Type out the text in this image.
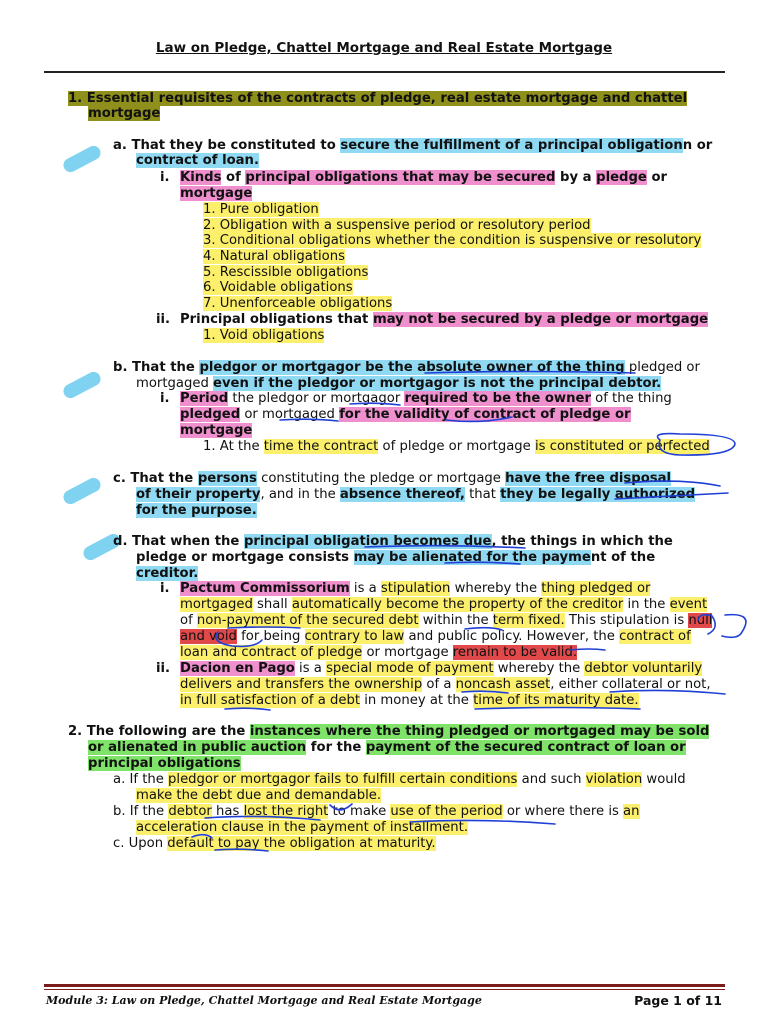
Law on Pledge, Chattel Mortgage and Real Estate Mortgage
1. Essential requisites of the contracts of pledge, real estate mortgage and chattel
mortgage
a. That they be constituted to secure the fulfillment of a principal obligationn or
contract of loan.
i. Kinds of principal obligations that may be secured by a pledge or
mortgage
1. Pure obligation
2. Obligation with a suspensive period or resolutory period
3. Conditional obligations whether the condition is suspensive or resolutory
4. Natural obligations
5. Rescissible obligations
6. Voidable obligations
7. Unenforceable obligations
ii. Principal obligations that may not be secured by a pledge or mortgage
1. Void obligations
b. That the pledgor or mortgagor be the absolute owner of the thing pledged or
mortgaged even if the pledgor or mortgagor is not the principal debtor.
i. Period the pledgor or mortgagor required to be the owner of the thing
pledged or mortgaged for the validity of contract of pledge or
mortgage
1. At the time the contract of pledge or mortgage is constituted or perfected
c. That the persons constituting the pledge or mortgage have the free disposal
of their property, and in the absence thereof, that they be legally authorized
for the purpose.
d. That when the principal obligation becomes due, the things in which the
pledge or mortgage consists may be alienated for the payment of the
creditor.
i. Pactum Commissorium is a stipulation whereby the thing pledged or
mortgaged shall automatically become the property of the creditor in the event
of non-payment of the secured debt within the term fixed. This stipulation is null
and void for being contrary to law and public policy. However, the contract of
loan and contract of pledge or mortgage remain to be valid.
ii. Dacion en Pago is a special mode of payment whereby the debtor voluntarily
delivers and transfers the ownership of a noncash asset, either collateral or not,
in full satisfaction of a debt in money at the time of its maturity date.
2. The following are the instances where the thing pledged or mortgaged may be sold
or alienated in public auction for the payment of the secured contract of loan or
principal obligations
a. If the pledgor or mortgagor fails to fulfill certain conditions and such violation would
make the debt due and demandable.
b. If the debtor has lost the right to make use of the period or where there is an
acceleration clause in the payment of installment.
c. Upon default to pay the obligation at maturity.
Module 3: Law on Pledge, Chattel Mortgage and Real Estate Mortgage	Page 1 of 11
